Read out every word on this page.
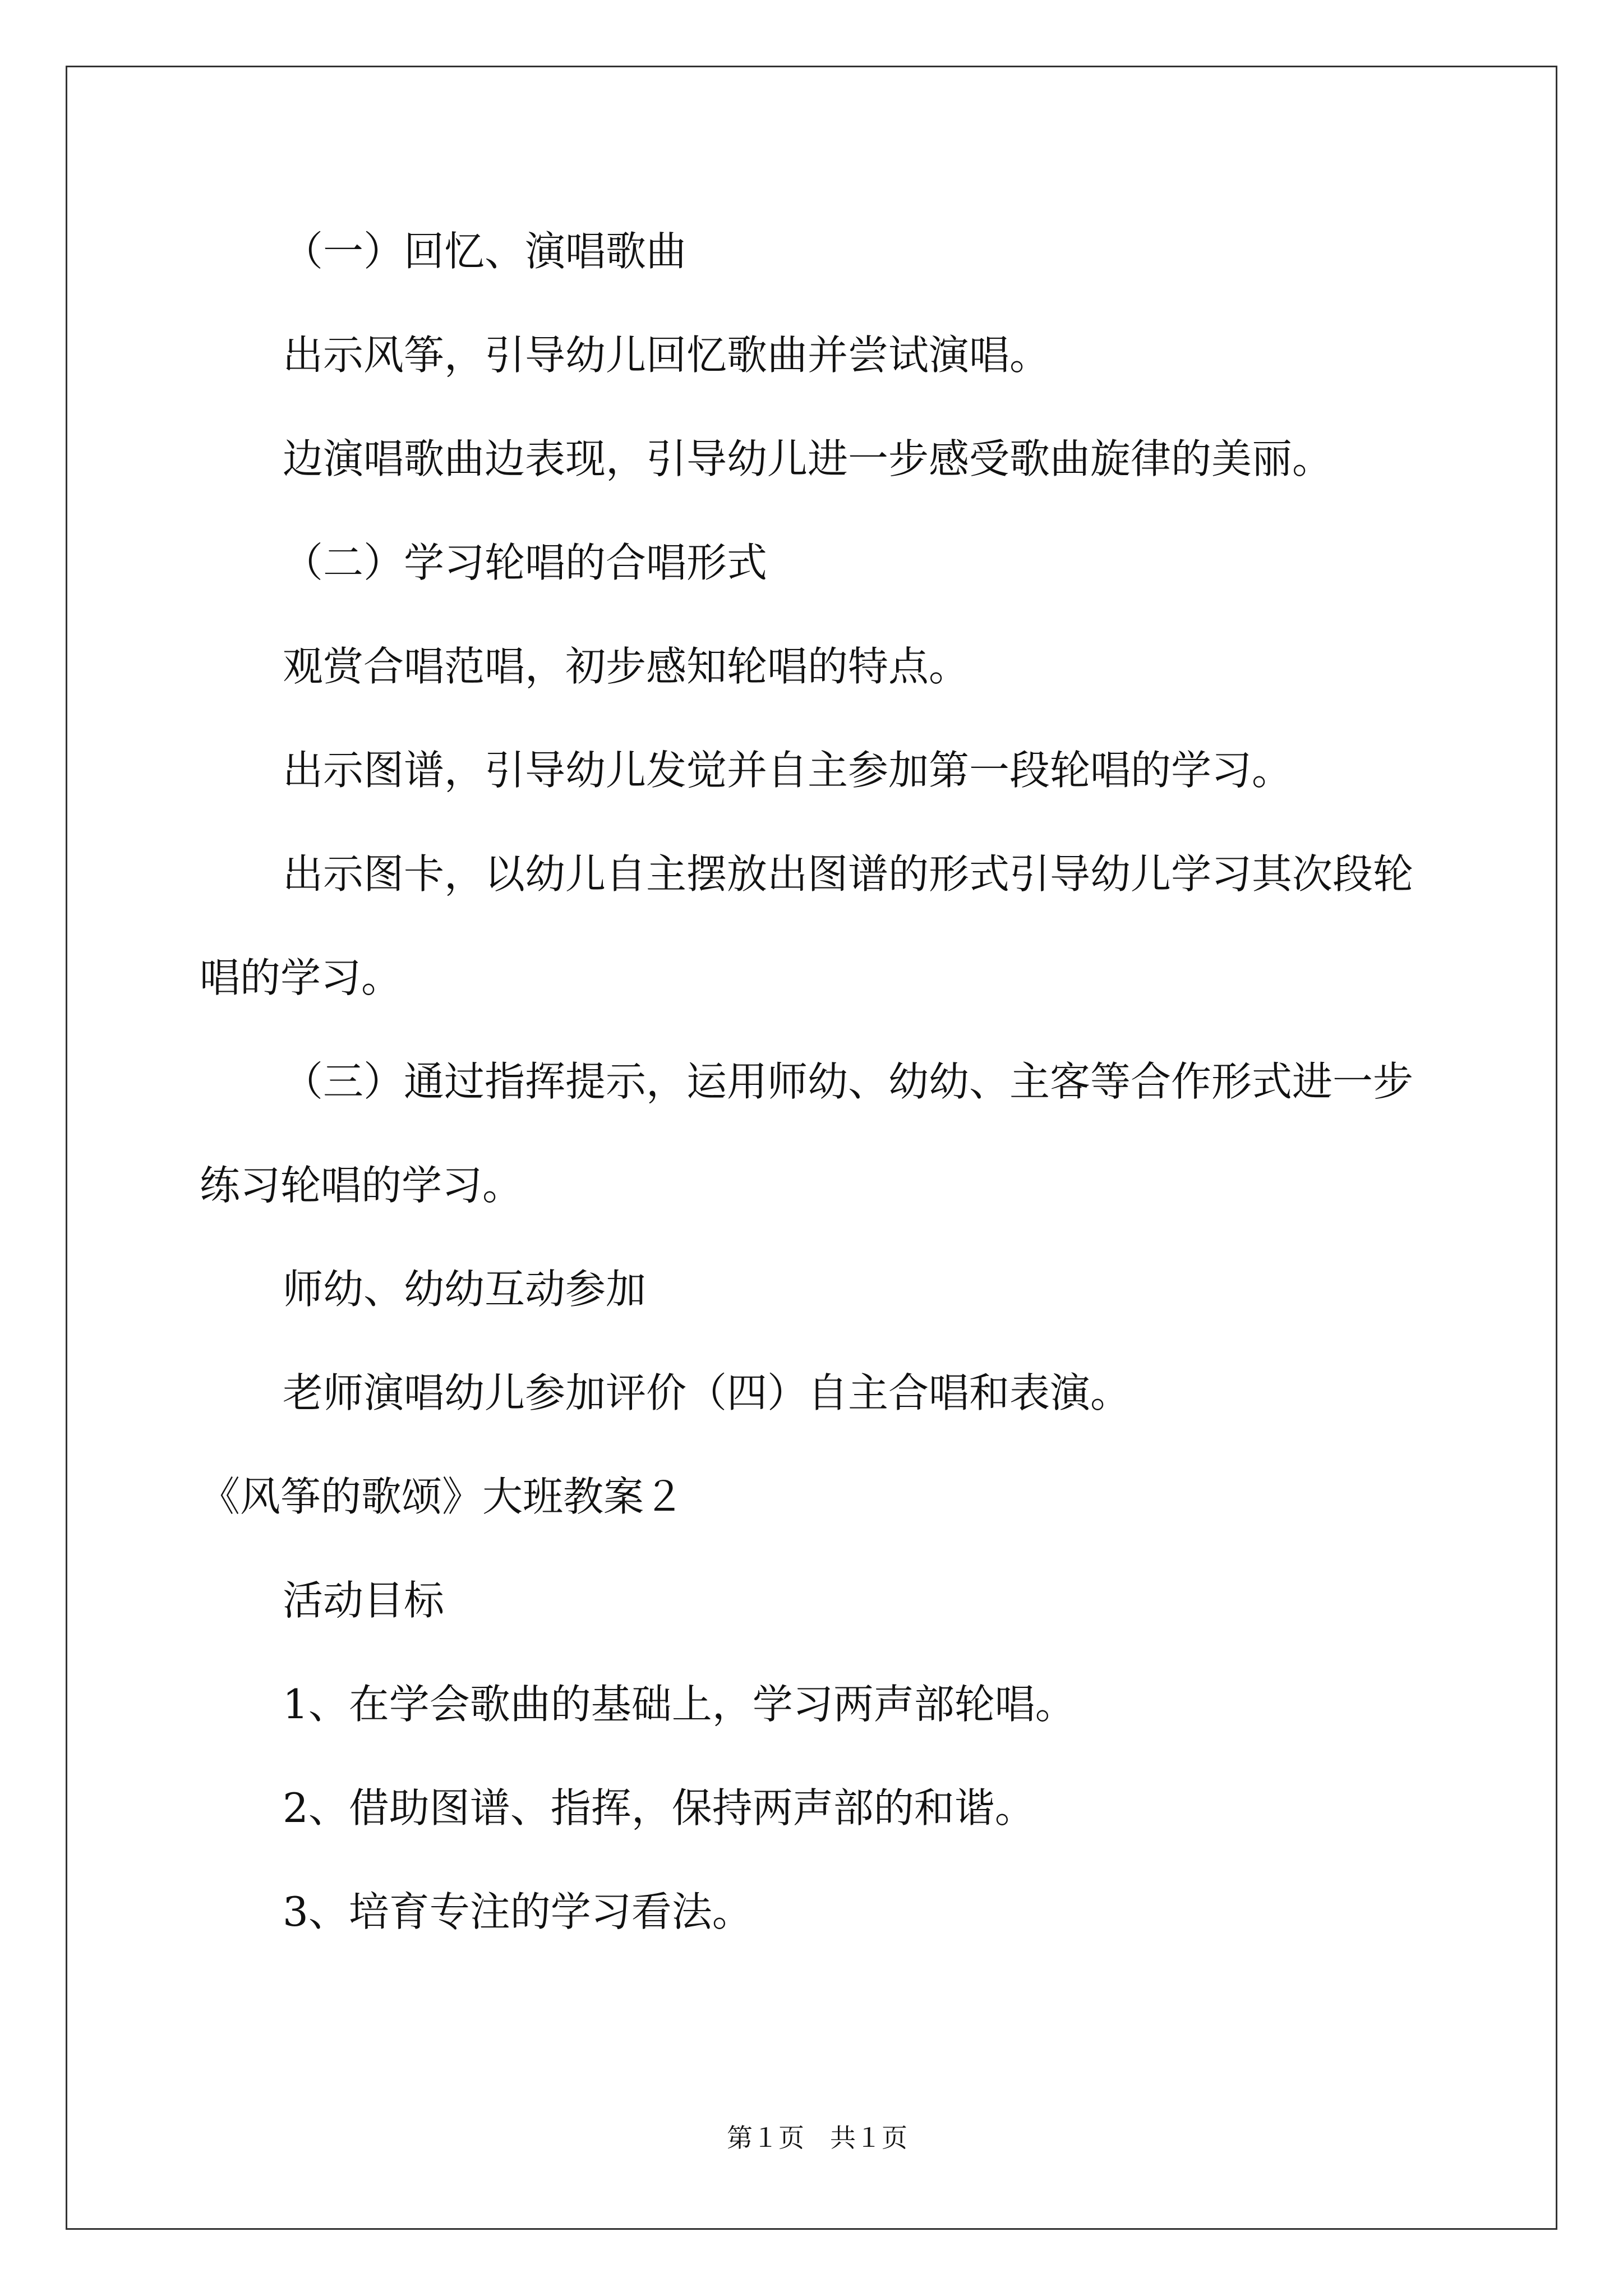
（一）回忆、演唱歌曲
出示风筝，引导幼儿回忆歌曲并尝试演唱。
边演唱歌曲边表现，引导幼儿进一步感受歌曲旋律的美丽。
（二）学习轮唱的合唱形式
观赏合唱范唱，初步感知轮唱的特点。
出示图谱，引导幼儿发觉并自主参加第一段轮唱的学习。
出示图卡，以幼儿自主摆放出图谱的形式引导幼儿学习其次段轮
唱的学习。
（三）通过指挥提示，运用师幼、幼幼、主客等合作形式进一步
练习轮唱的学习。
师幼、幼幼互动参加
老师演唱幼儿参加评价（四）自主合唱和表演。
《风筝的歌颂》大班教案２
活动目标
1、在学会歌曲的基础上，学习两声部轮唱。
2、借助图谱、指挥，保持两声部的和谐。
3、培育专注的学习看法。
第１页　共１页
